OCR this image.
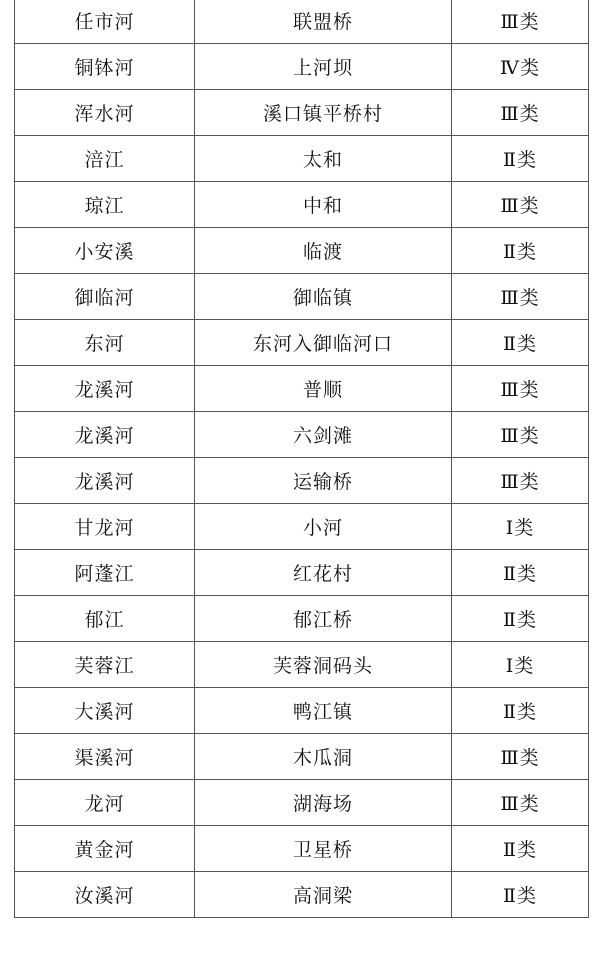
任市河	联盟桥	Ⅲ类
铜钵河	上河坝	Ⅳ类
浑水河	溪口镇平桥村	Ⅲ类
涪江	太和	Ⅱ类
琼江	中和	Ⅲ类
小安溪	临渡	Ⅱ类
御临河	御临镇	Ⅲ类
东河	东河入御临河口	Ⅱ类
龙溪河	普顺	Ⅲ类
龙溪河	六剑滩	Ⅲ类
龙溪河	运输桥	Ⅲ类
甘龙河	小河	Ⅰ类
阿蓬江	红花村	Ⅱ类
郁江	郁江桥	Ⅱ类
芙蓉江	芙蓉洞码头	Ⅰ类
大溪河	鸭江镇	Ⅱ类
渠溪河	木瓜洞	Ⅲ类
龙河	湖海场	Ⅲ类
黄金河	卫星桥	Ⅱ类
汝溪河	高洞梁	Ⅱ类
